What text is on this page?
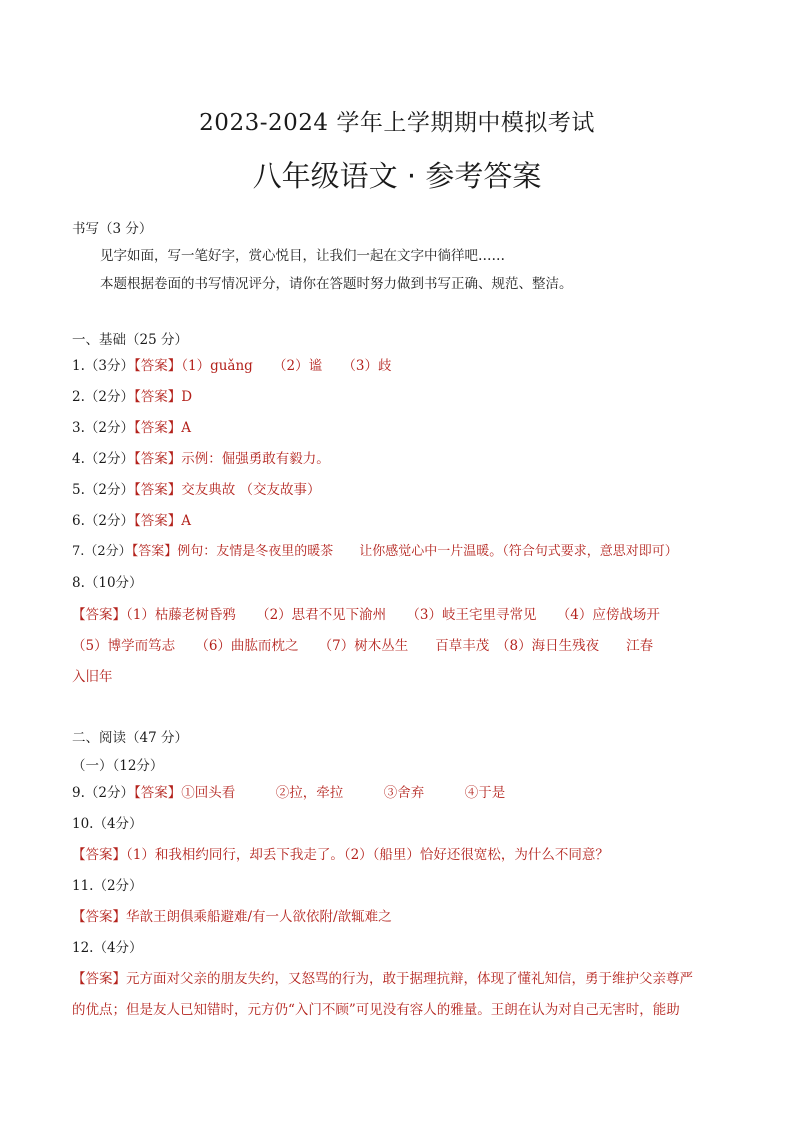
2023-2024 学年上学期期中模拟考试
八年级语文 · 参考答案
书写（3 分）
见字如面，写一笔好字，赏心悦目，让我们一起在文字中徜徉吧……
本题根据卷面的书写情况评分，请你在答题时努力做到书写正确、规范、整洁。
一、基础（25 分）
1.（3分）【答案】（1）guǎng　　（2）谧　　（3）歧
2.（2分）【答案】D
3.（2分）【答案】A
4.（2分）【答案】示例：倔强勇敢有毅力。
5.（2分）【答案】交友典故 （交友故事）
6.（2分）【答案】A
7.（2分）【答案】例句：友情是冬夜里的暖茶　　让你感觉心中一片温暖。（符合句式要求，意思对即可）
8.（10分）
【答案】（1）枯藤老树昏鸦　　（2）思君不见下渝州　　（3）岐王宅里寻常见　　（4）应傍战场开
（5）博学而笃志　　（6）曲肱而枕之　　（7）树木丛生　　百草丰茂　（8）海日生残夜　　江春
入旧年
二、阅读（47 分）
（一）（12分）
9.（2分）【答案】①回头看　　　②拉，牵拉　　　③舍弃　　　④于是
10.（4分）
【答案】（1）和我相约同行，却丢下我走了。（2）（船里）恰好还很宽松，为什么不同意？
11.（2分）
【答案】华歆王朗俱乘船避难/有一人欲依附/歆辄难之
12.（4分）
【答案】元方面对父亲的朋友失约，又怒骂的行为，敢于据理抗辩，体现了懂礼知信，勇于维护父亲尊严
的优点；但是友人已知错时，元方仍“入门不顾”可见没有容人的雅量。王朗在认为对自己无害时，能助
